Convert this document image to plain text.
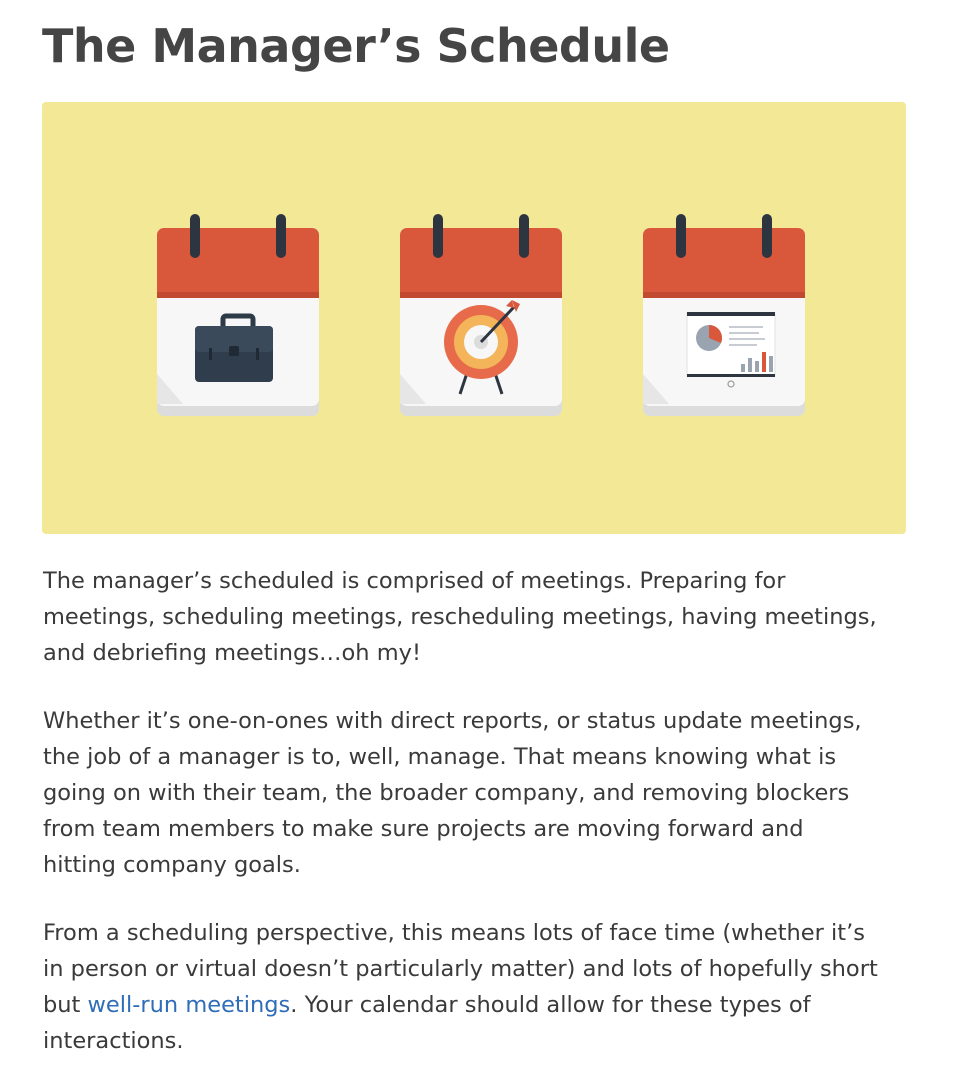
The Manager’s Schedule

The manager’s scheduled is comprised of meetings. Preparing for
meetings, scheduling meetings, rescheduling meetings, having meetings,
and debriefing meetings…oh my!

Whether it’s one-on-ones with direct reports, or status update meetings,
the job of a manager is to, well, manage. That means knowing what is
going on with their team, the broader company, and removing blockers
from team members to make sure projects are moving forward and
hitting company goals.

From a scheduling perspective, this means lots of face time (whether it’s
in person or virtual doesn’t particularly matter) and lots of hopefully short
but well-run meetings. Your calendar should allow for these types of
interactions.
